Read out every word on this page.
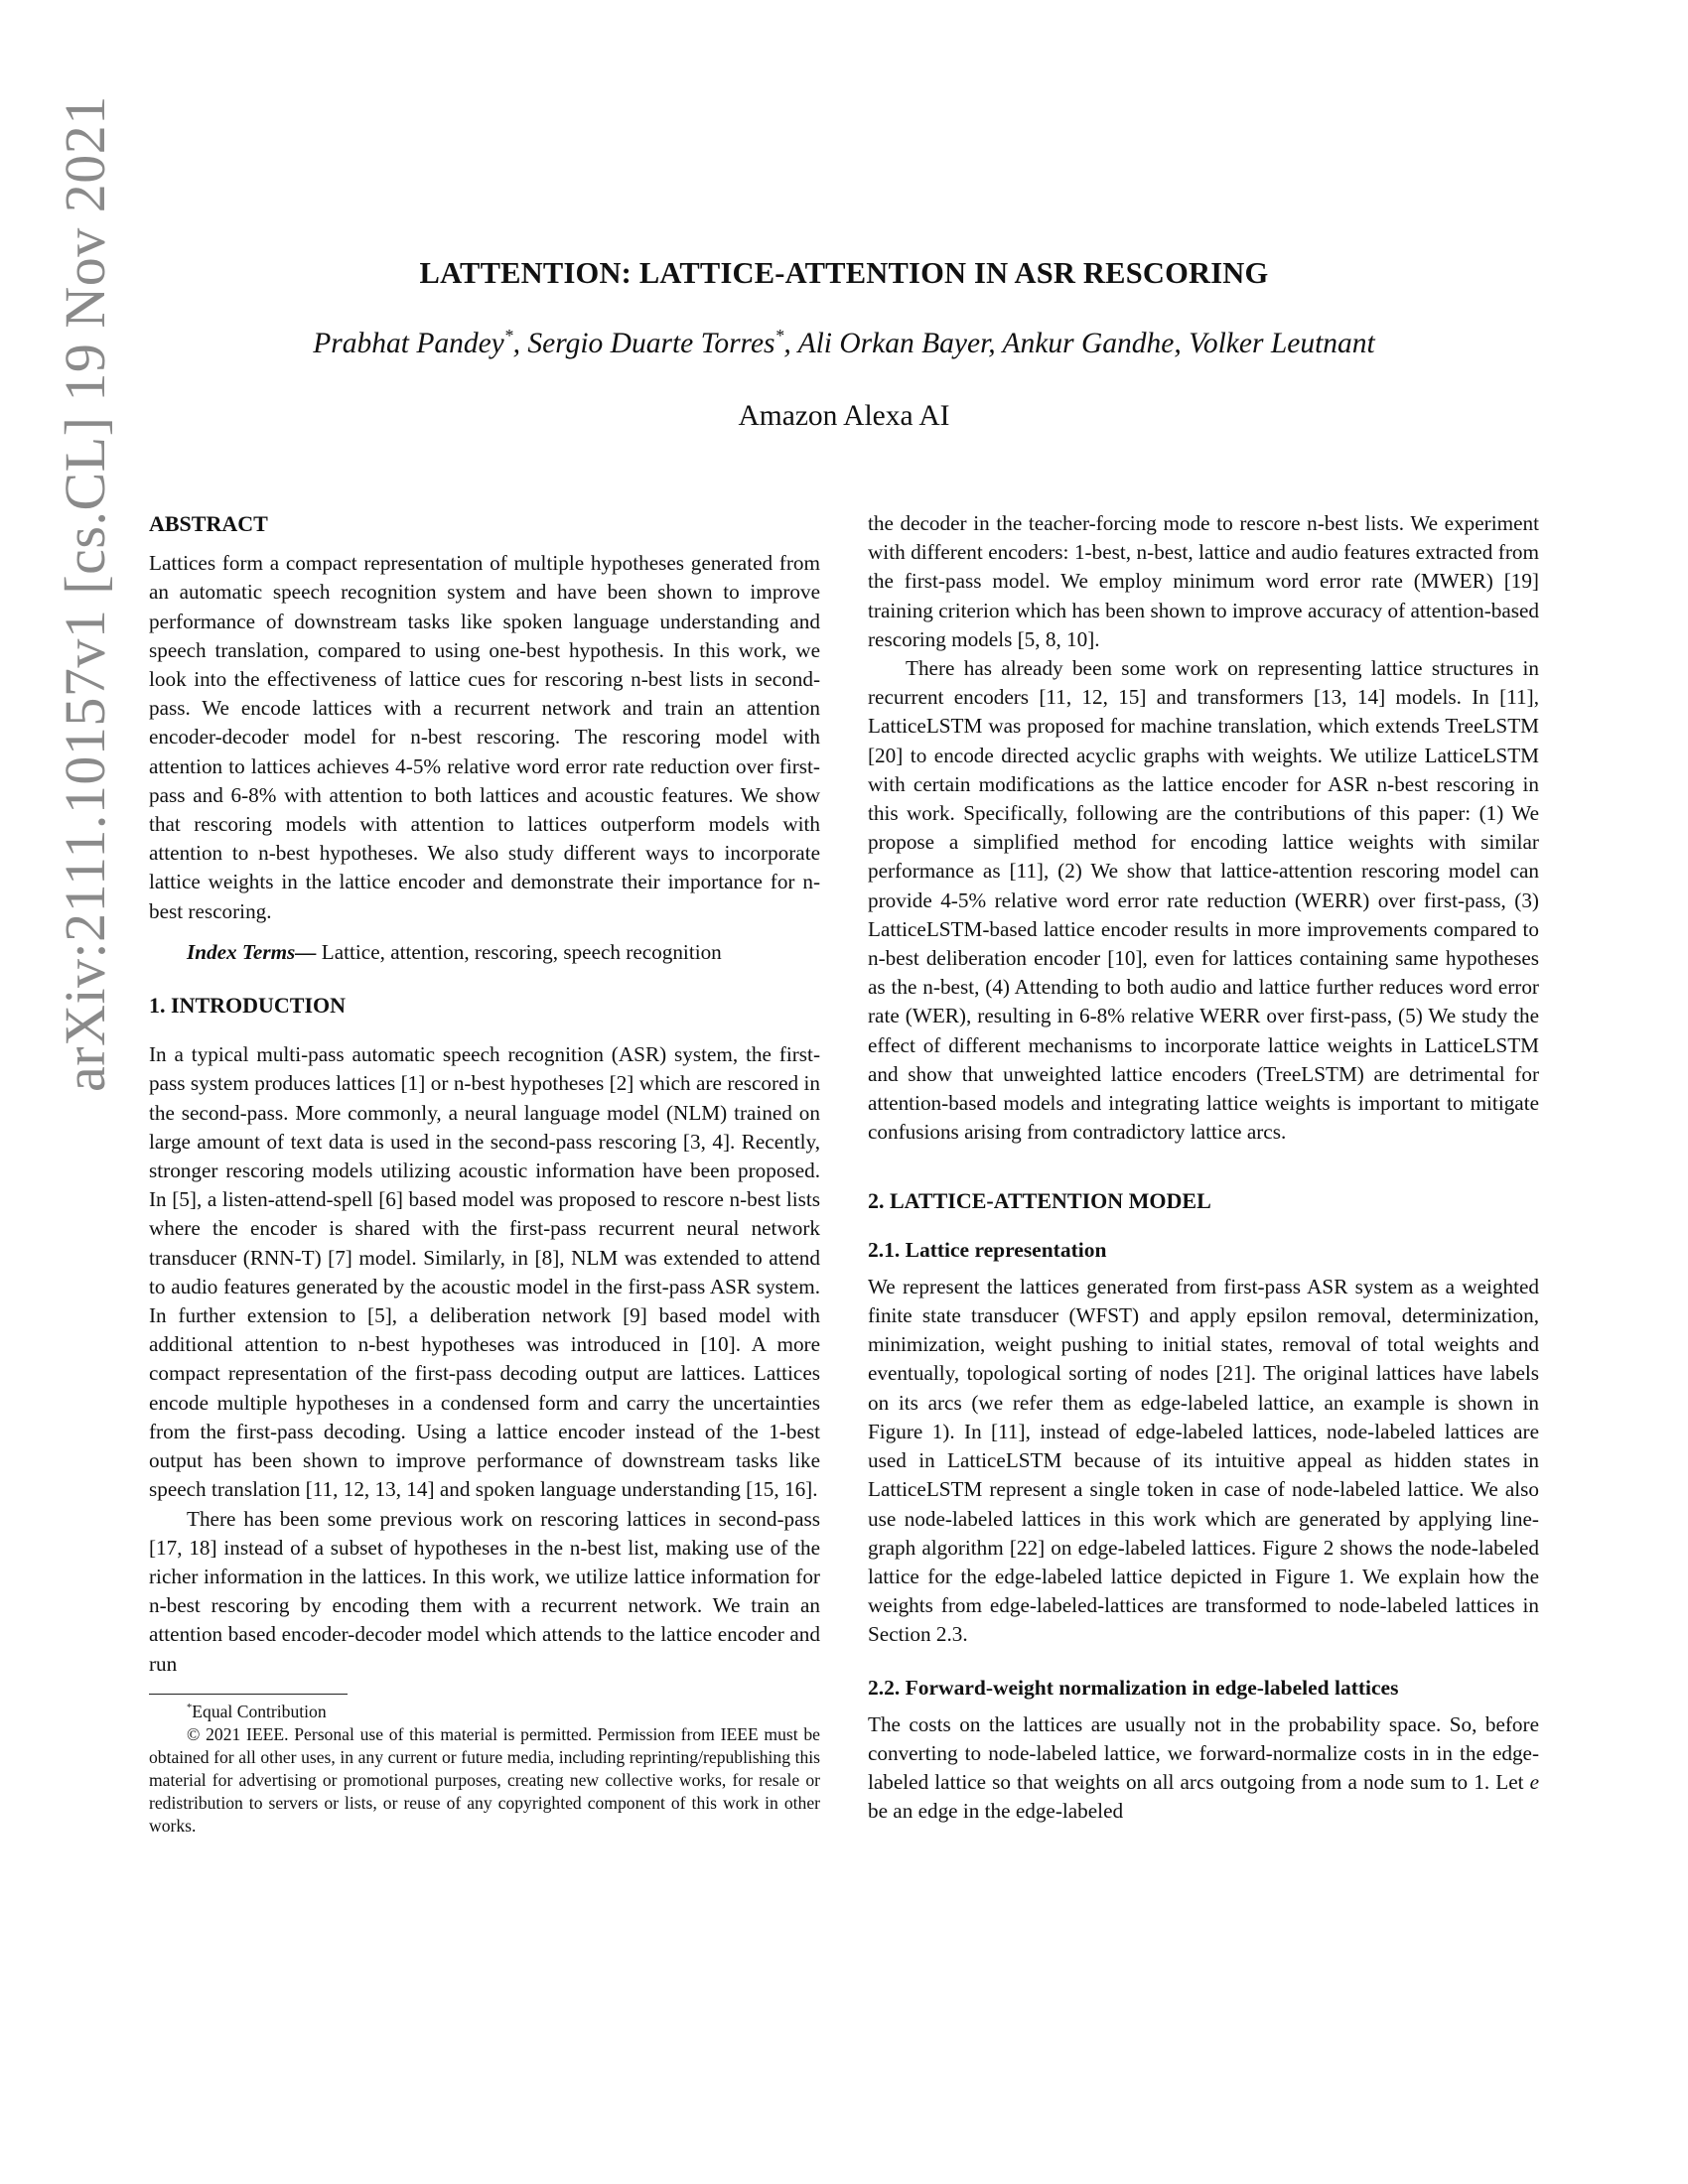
arXiv:2111.10157v1 [cs.CL] 19 Nov 2021	LATTENTION: LATTICE-ATTENTION IN ASR RESCORING
Prabhat Pandey*, Sergio Duarte Torres*, Ali Orkan Bayer, Ankur Gandhe, Volker Leutnant
Amazon Alexa AI

ABSTRACT

Lattices form a compact representation of multiple hypotheses generated from an automatic speech recognition system and have been shown to improve performance of downstream tasks like spoken language understanding and speech translation, compared to using one-best hypothesis. In this work, we look into the effectiveness of lattice cues for rescoring n-best lists in second-pass. We encode lattices with a recurrent network and train an attention encoder-decoder model for n-best rescoring. The rescoring model with attention to lattices achieves 4-5% relative word error rate reduction over first-pass and 6-8% with attention to both lattices and acoustic features. We show that rescoring models with attention to lattices outperform models with attention to n-best hypotheses. We also study different ways to incorporate lattice weights in the lattice encoder and demonstrate their importance for n-best rescoring.

Index Terms— Lattice, attention, rescoring, speech recognition

1. INTRODUCTION

In a typical multi-pass automatic speech recognition (ASR) system, the first-pass system produces lattices [1] or n-best hypotheses [2] which are rescored in the second-pass. More commonly, a neural language model (NLM) trained on large amount of text data is used in the second-pass rescoring [3, 4]. Recently, stronger rescoring models utilizing acoustic information have been proposed. In [5], a listen-attend-spell [6] based model was proposed to rescore n-best lists where the encoder is shared with the first-pass recurrent neural network transducer (RNN-T) [7] model. Similarly, in [8], NLM was extended to attend to audio features generated by the acoustic model in the first-pass ASR system. In further extension to [5], a deliberation network [9] based model with additional attention to n-best hypotheses was introduced in [10]. A more compact representation of the first-pass decoding output are lattices. Lattices encode multiple hypotheses in a condensed form and carry the uncertainties from the first-pass decoding. Using a lattice encoder instead of the 1-best output has been shown to improve performance of downstream tasks like speech translation [11, 12, 13, 14] and spoken language understanding [15, 16].

There has been some previous work on rescoring lattices in second-pass [17, 18] instead of a subset of hypotheses in the n-best list, making use of the richer information in the lattices. In this work, we utilize lattice information for n-best rescoring by encoding them with a recurrent network. We train an attention based encoder-decoder model which attends to the lattice encoder and run

*Equal Contribution

© 2021 IEEE. Personal use of this material is permitted. Permission from IEEE must be obtained for all other uses, in any current or future media, including reprinting/republishing this material for advertising or promotional purposes, creating new collective works, for resale or redistribution to servers or lists, or reuse of any copyrighted component of this work in other works.

the decoder in the teacher-forcing mode to rescore n-best lists. We experiment with different encoders: 1-best, n-best, lattice and audio features extracted from the first-pass model. We employ minimum word error rate (MWER) [19] training criterion which has been shown to improve accuracy of attention-based rescoring models [5, 8, 10].

There has already been some work on representing lattice structures in recurrent encoders [11, 12, 15] and transformers [13, 14] models. In [11], LatticeLSTM was proposed for machine translation, which extends TreeLSTM [20] to encode directed acyclic graphs with weights. We utilize LatticeLSTM with certain modifications as the lattice encoder for ASR n-best rescoring in this work. Specifically, following are the contributions of this paper: (1) We propose a simplified method for encoding lattice weights with similar performance as [11], (2) We show that lattice-attention rescoring model can provide 4-5% relative word error rate reduction (WERR) over first-pass, (3) LatticeLSTM-based lattice encoder results in more improvements compared to n-best deliberation encoder [10], even for lattices containing same hypotheses as the n-best, (4) Attending to both audio and lattice further reduces word error rate (WER), resulting in 6-8% relative WERR over first-pass, (5) We study the effect of different mechanisms to incorporate lattice weights in LatticeLSTM and show that unweighted lattice encoders (TreeLSTM) are detrimental for attention-based models and integrating lattice weights is important to mitigate confusions arising from contradictory lattice arcs.

2. LATTICE-ATTENTION MODEL

2.1. Lattice representation

We represent the lattices generated from first-pass ASR system as a weighted finite state transducer (WFST) and apply epsilon removal, determinization, minimization, weight pushing to initial states, removal of total weights and eventually, topological sorting of nodes [21]. The original lattices have labels on its arcs (we refer them as edge-labeled lattice, an example is shown in Figure 1). In [11], instead of edge-labeled lattices, node-labeled lattices are used in LatticeLSTM because of its intuitive appeal as hidden states in LatticeLSTM represent a single token in case of node-labeled lattice. We also use node-labeled lattices in this work which are generated by applying line-graph algorithm [22] on edge-labeled lattices. Figure 2 shows the node-labeled lattice for the edge-labeled lattice depicted in Figure 1. We explain how the weights from edge-labeled-lattices are transformed to node-labeled lattices in Section 2.3.

2.2. Forward-weight normalization in edge-labeled lattices

The costs on the lattices are usually not in the probability space. So, before converting to node-labeled lattice, we forward-normalize costs in in the edge-labeled lattice so that weights on all arcs outgoing from a node sum to 1. Let e be an edge in the edge-labeled
